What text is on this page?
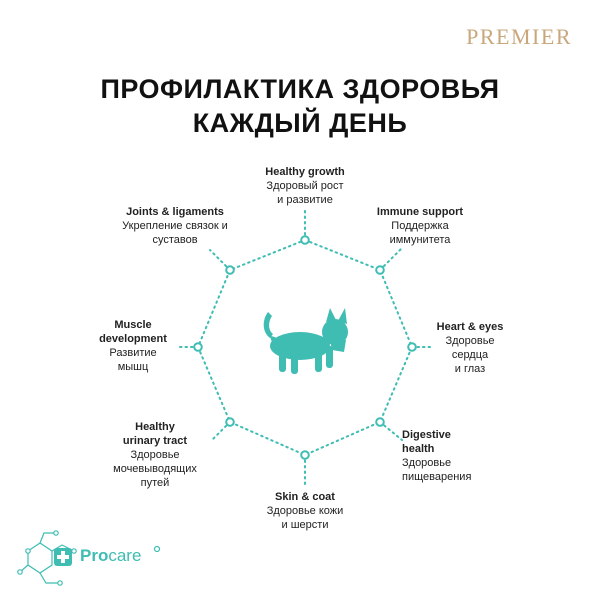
PREMIER
ПРОФИЛАКТИКА ЗДОРОВЬЯ
КАЖДЫЙ ДЕНЬ
Healthy growth
Здоровый рост
и развитие
Immune support
Поддержка
иммунитета
Heart & eyes
Здоровье
сердца
и глаз
Digestive
health
Здоровье
пищеварения
Skin & coat
Здоровье кожи
и шерсти
Healthy
urinary tract
Здоровье
мочевыводящих
путей
Muscle
development
Развитие
мышц
Joints & ligaments
Укрепление связок и
суставов
Procare
